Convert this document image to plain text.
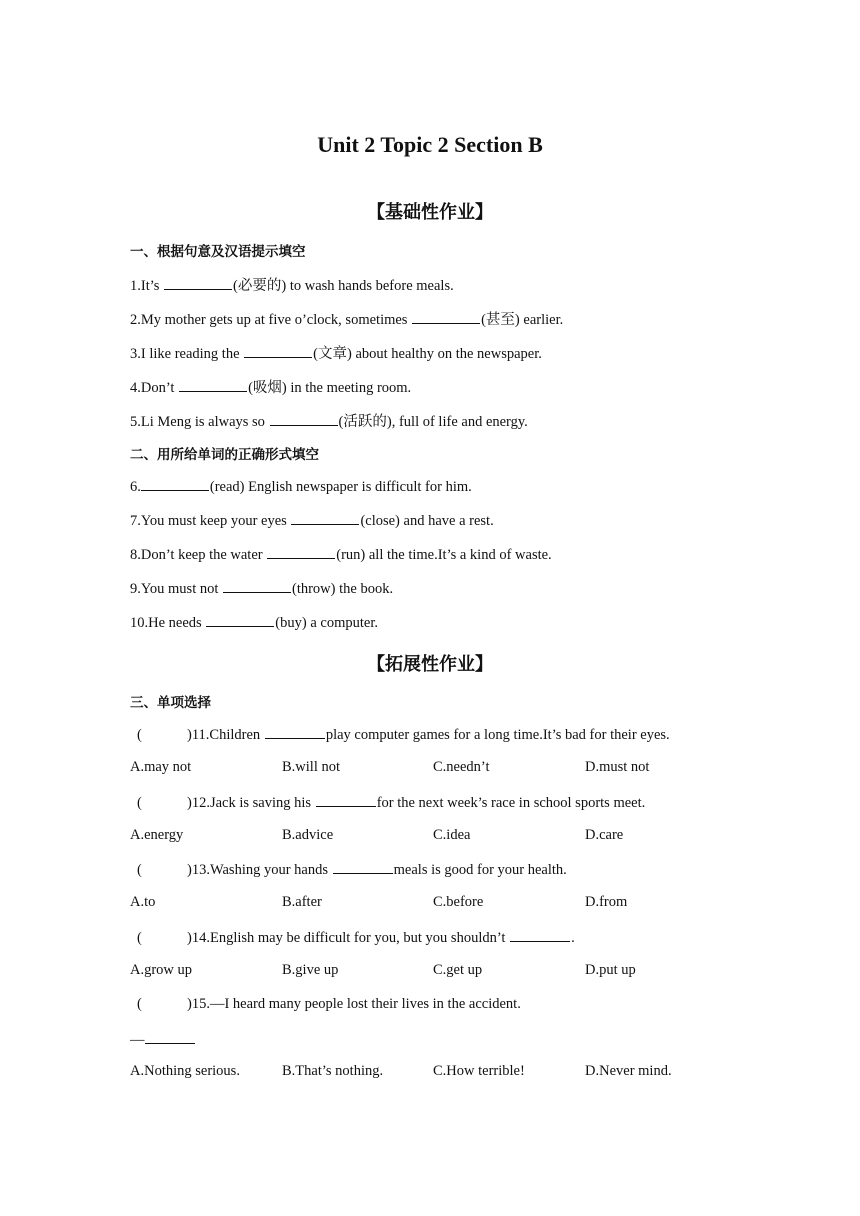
Unit 2 Topic 2 Section B
【基础性作业】
一、根据句意及汉语提示填空
1.It’s	(必要的) to wash hands before meals.
2.My mother gets up at five o’clock, sometimes	(甚至) earlier.
3.I like reading the	(文章) about healthy on the newspaper.
4.Don’t	(吸烟) in the meeting room.
5.Li Meng is always so	(活跃的), full of life and energy.
二、用所给单词的正确形式填空
6.	(read) English newspaper is difficult for him.
7.You must keep your eyes	(close) and have a rest.
8.Don’t keep the water	(run) all the time.It’s a kind of waste.
9.You must not	(throw) the book.
10.He needs	(buy) a computer.
【拓展性作业】
三、单项选择
(	)11.Children	play computer games for a long time.It’s bad for their eyes.
A.may not	B.will not	C.needn’t	D.must not
(	)12.Jack is saving his	for the next week’s race in school sports meet.
A.energy	B.advice	C.idea	D.care
(	)13.Washing your hands	meals is good for your health.
A.to	B.after	C.before	D.from
(	)14.English may be difficult for you, but you shouldn’t	.
A.grow up	B.give up	C.get up	D.put up
(	)15.—I heard many people lost their lives in the accident.
—
A.Nothing serious.	B.That’s nothing.	C.How terrible!	D.Never mind.
